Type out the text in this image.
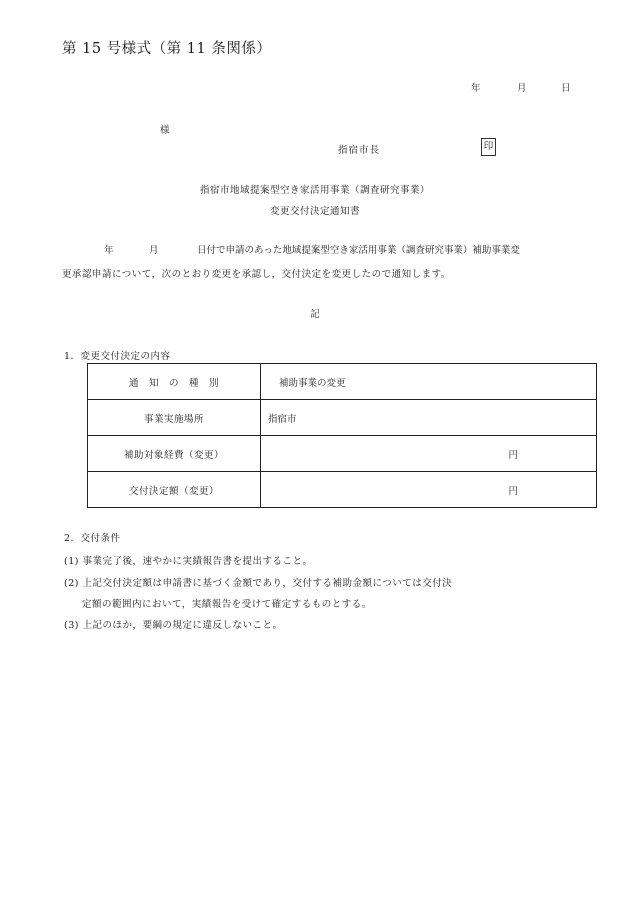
第 15 号様式（第 11 条関係）
年	月	日
様
指宿市長	印
指宿市地域提案型空き家活用事業（調査研究事業）
変更交付決定通知書
年	月	日付で申請のあった地域提案型空き家活用事業（調査研究事業）補助事業変
更承認申請について，次のとおり変更を承認し，交付決定を変更したので通知します。
記
1．変更交付決定の内容
通　知　の　種　別	補助事業の変更
事業実施場所	指宿市
補助対象経費（変更）	円
交付決定額（変更）	円
2．交付条件
(1) 事業完了後，速やかに実績報告書を提出すること。
(2) 上記交付決定額は申請書に基づく金額であり，交付する補助金額については交付決
定額の範囲内において，実績報告を受けて確定するものとする。
(3) 上記のほか，要綱の規定に違反しないこと。
